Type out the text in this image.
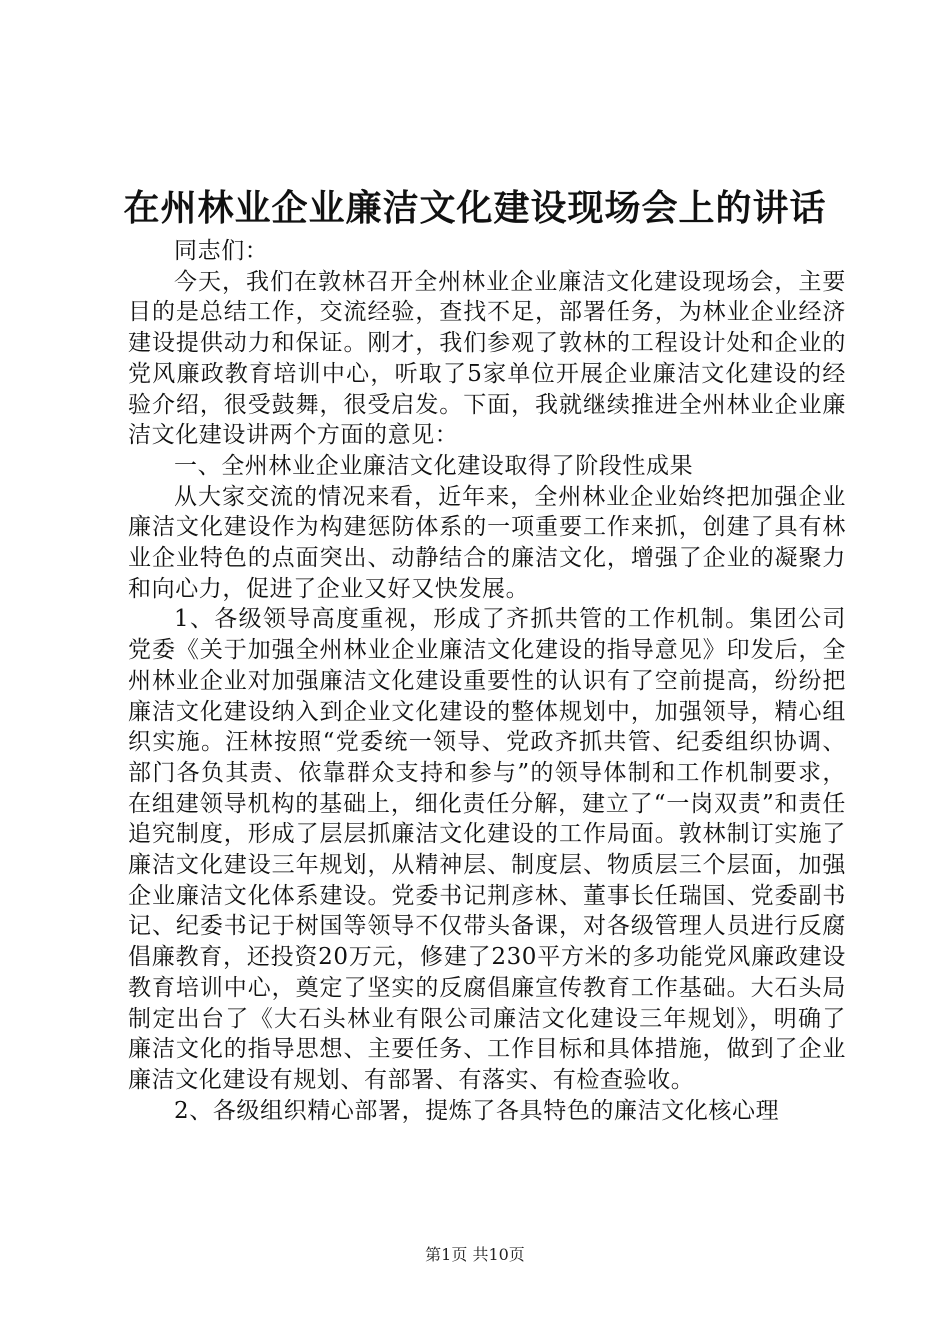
在州林业企业廉洁文化建设现场会上的讲话

同志们：

今天，我们在敦林召开全州林业企业廉洁文化建设现场会，主要目的是总结工作，交流经验，查找不足，部署任务，为林业企业经济建设提供动力和保证。刚才，我们参观了敦林的工程设计处和企业的党风廉政教育培训中心，听取了5家单位开展企业廉洁文化建设的经验介绍，很受鼓舞，很受启发。下面，我就继续推进全州林业企业廉洁文化建设讲两个方面的意见：

一、全州林业企业廉洁文化建设取得了阶段性成果

从大家交流的情况来看，近年来，全州林业企业始终把加强企业廉洁文化建设作为构建惩防体系的一项重要工作来抓，创建了具有林业企业特色的点面突出、动静结合的廉洁文化，增强了企业的凝聚力和向心力，促进了企业又好又快发展。

1、各级领导高度重视，形成了齐抓共管的工作机制。集团公司党委《关于加强全州林业企业廉洁文化建设的指导意见》印发后，全州林业企业对加强廉洁文化建设重要性的认识有了空前提高，纷纷把廉洁文化建设纳入到企业文化建设的整体规划中，加强领导，精心组织实施。汪林按照“党委统一领导、党政齐抓共管、纪委组织协调、部门各负其责、依靠群众支持和参与”的领导体制和工作机制要求，在组建领导机构的基础上，细化责任分解，建立了“一岗双责”和责任追究制度，形成了层层抓廉洁文化建设的工作局面。敦林制订实施了廉洁文化建设三年规划，从精神层、制度层、物质层三个层面，加强企业廉洁文化体系建设。党委书记荆彦林、董事长任瑞国、党委副书记、纪委书记于树国等领导不仅带头备课，对各级管理人员进行反腐倡廉教育，还投资20万元，修建了230平方米的多功能党风廉政建设教育培训中心，奠定了坚实的反腐倡廉宣传教育工作基础。大石头局制定出台了《大石头林业有限公司廉洁文化建设三年规划》，明确了廉洁文化的指导思想、主要任务、工作目标和具体措施，做到了企业廉洁文化建设有规划、有部署、有落实、有检查验收。

2、各级组织精心部署，提炼了各具特色的廉洁文化核心理

第1页 共10页
